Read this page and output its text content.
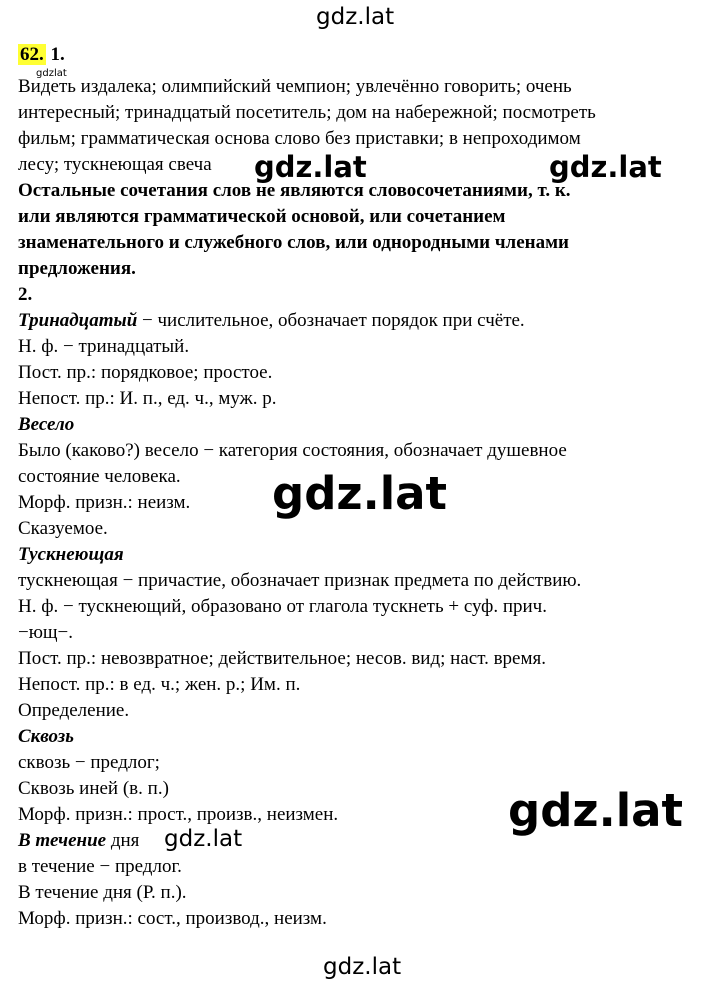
gdz.lat
gdzlat
gdz.lat	gdz.lat
gdz.lat
gdz.lat
gdz.lat
gdz.lat
62. 1.
Видеть издалека; олимпийский чемпион; увлечённо говорить; очень
интересный; тринадцатый посетитель; дом на набережной; посмотреть
фильм; грамматическая основа слово без приставки; в непроходимом
лесу; тускнеющая свеча
Остальные сочетания слов не являются словосочетаниями, т. к.
или являются грамматической основой, или сочетанием
знаменательного и служебного слов, или однородными членами
предложения.
2.
Тринадцатый − числительное, обозначает порядок при счёте.
Н. ф. − тринадцатый.
Пост. пр.: порядковое; простое.
Непост. пр.: И. п., ед. ч., муж. р.
Весело
Было (каково?) весело − категория состояния, обозначает душевное
состояние человека.
Морф. призн.: неизм.
Сказуемое.
Тускнеющая
тускнеющая − причастие, обозначает признак предмета по действию.
Н. ф. − тускнеющий, образовано от глагола тускнеть + суф. прич.
−ющ−.
Пост. пр.: невозвратное; действительное; несов. вид; наст. время.
Непост. пр.: в ед. ч.; жен. р.; Им. п.
Определение.
Сквозь
сквозь − предлог;
Сквозь иней (в. п.)
Морф. призн.: прост., произв., неизмен.
В течение дня
в течение − предлог.
В течение дня (Р. п.).
Морф. призн.: сост., производ., неизм.
